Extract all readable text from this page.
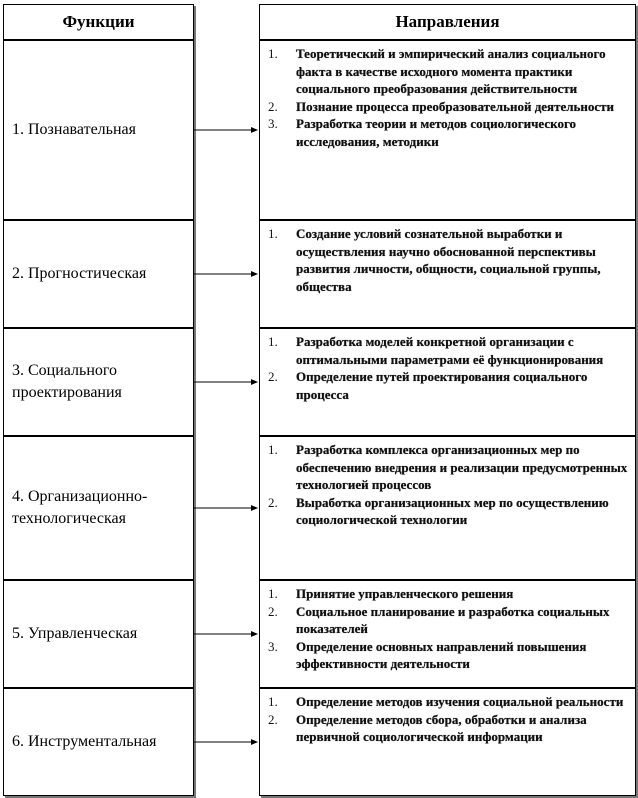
Функции	Направления
1. Познавательная
1. Теоретический и эмпирический анализ социального факта в качестве исходного момента практики социального преобразования действительности
2. Познание процесса преобразовательной деятельности
3. Разработка теории и методов социологического исследования, методики
2. Прогностическая
1. Создание условий сознательной выработки и осуществления научно обоснованной перспективы развития личности, общности, социальной группы, общества
3. Социального проектирования
1. Разработка моделей конкретной организации с оптимальными параметрами её функционирования
2. Определение путей проектирования социального процесса
4. Организационно-технологическая
1. Разработка комплекса организационных мер по обеспечению внедрения и реализации предусмотренных технологией процессов
2. Выработка организационных мер по осуществлению социологической технологии
5. Управленческая
1. Принятие управленческого решения
2. Социальное планирование и разработка социальных показателей
3. Определение основных направлений повышения эффективности деятельности
6. Инструментальная
1. Определение методов изучения социальной реальности
2. Определение методов сбора, обработки и анализа первичной социологической информации
